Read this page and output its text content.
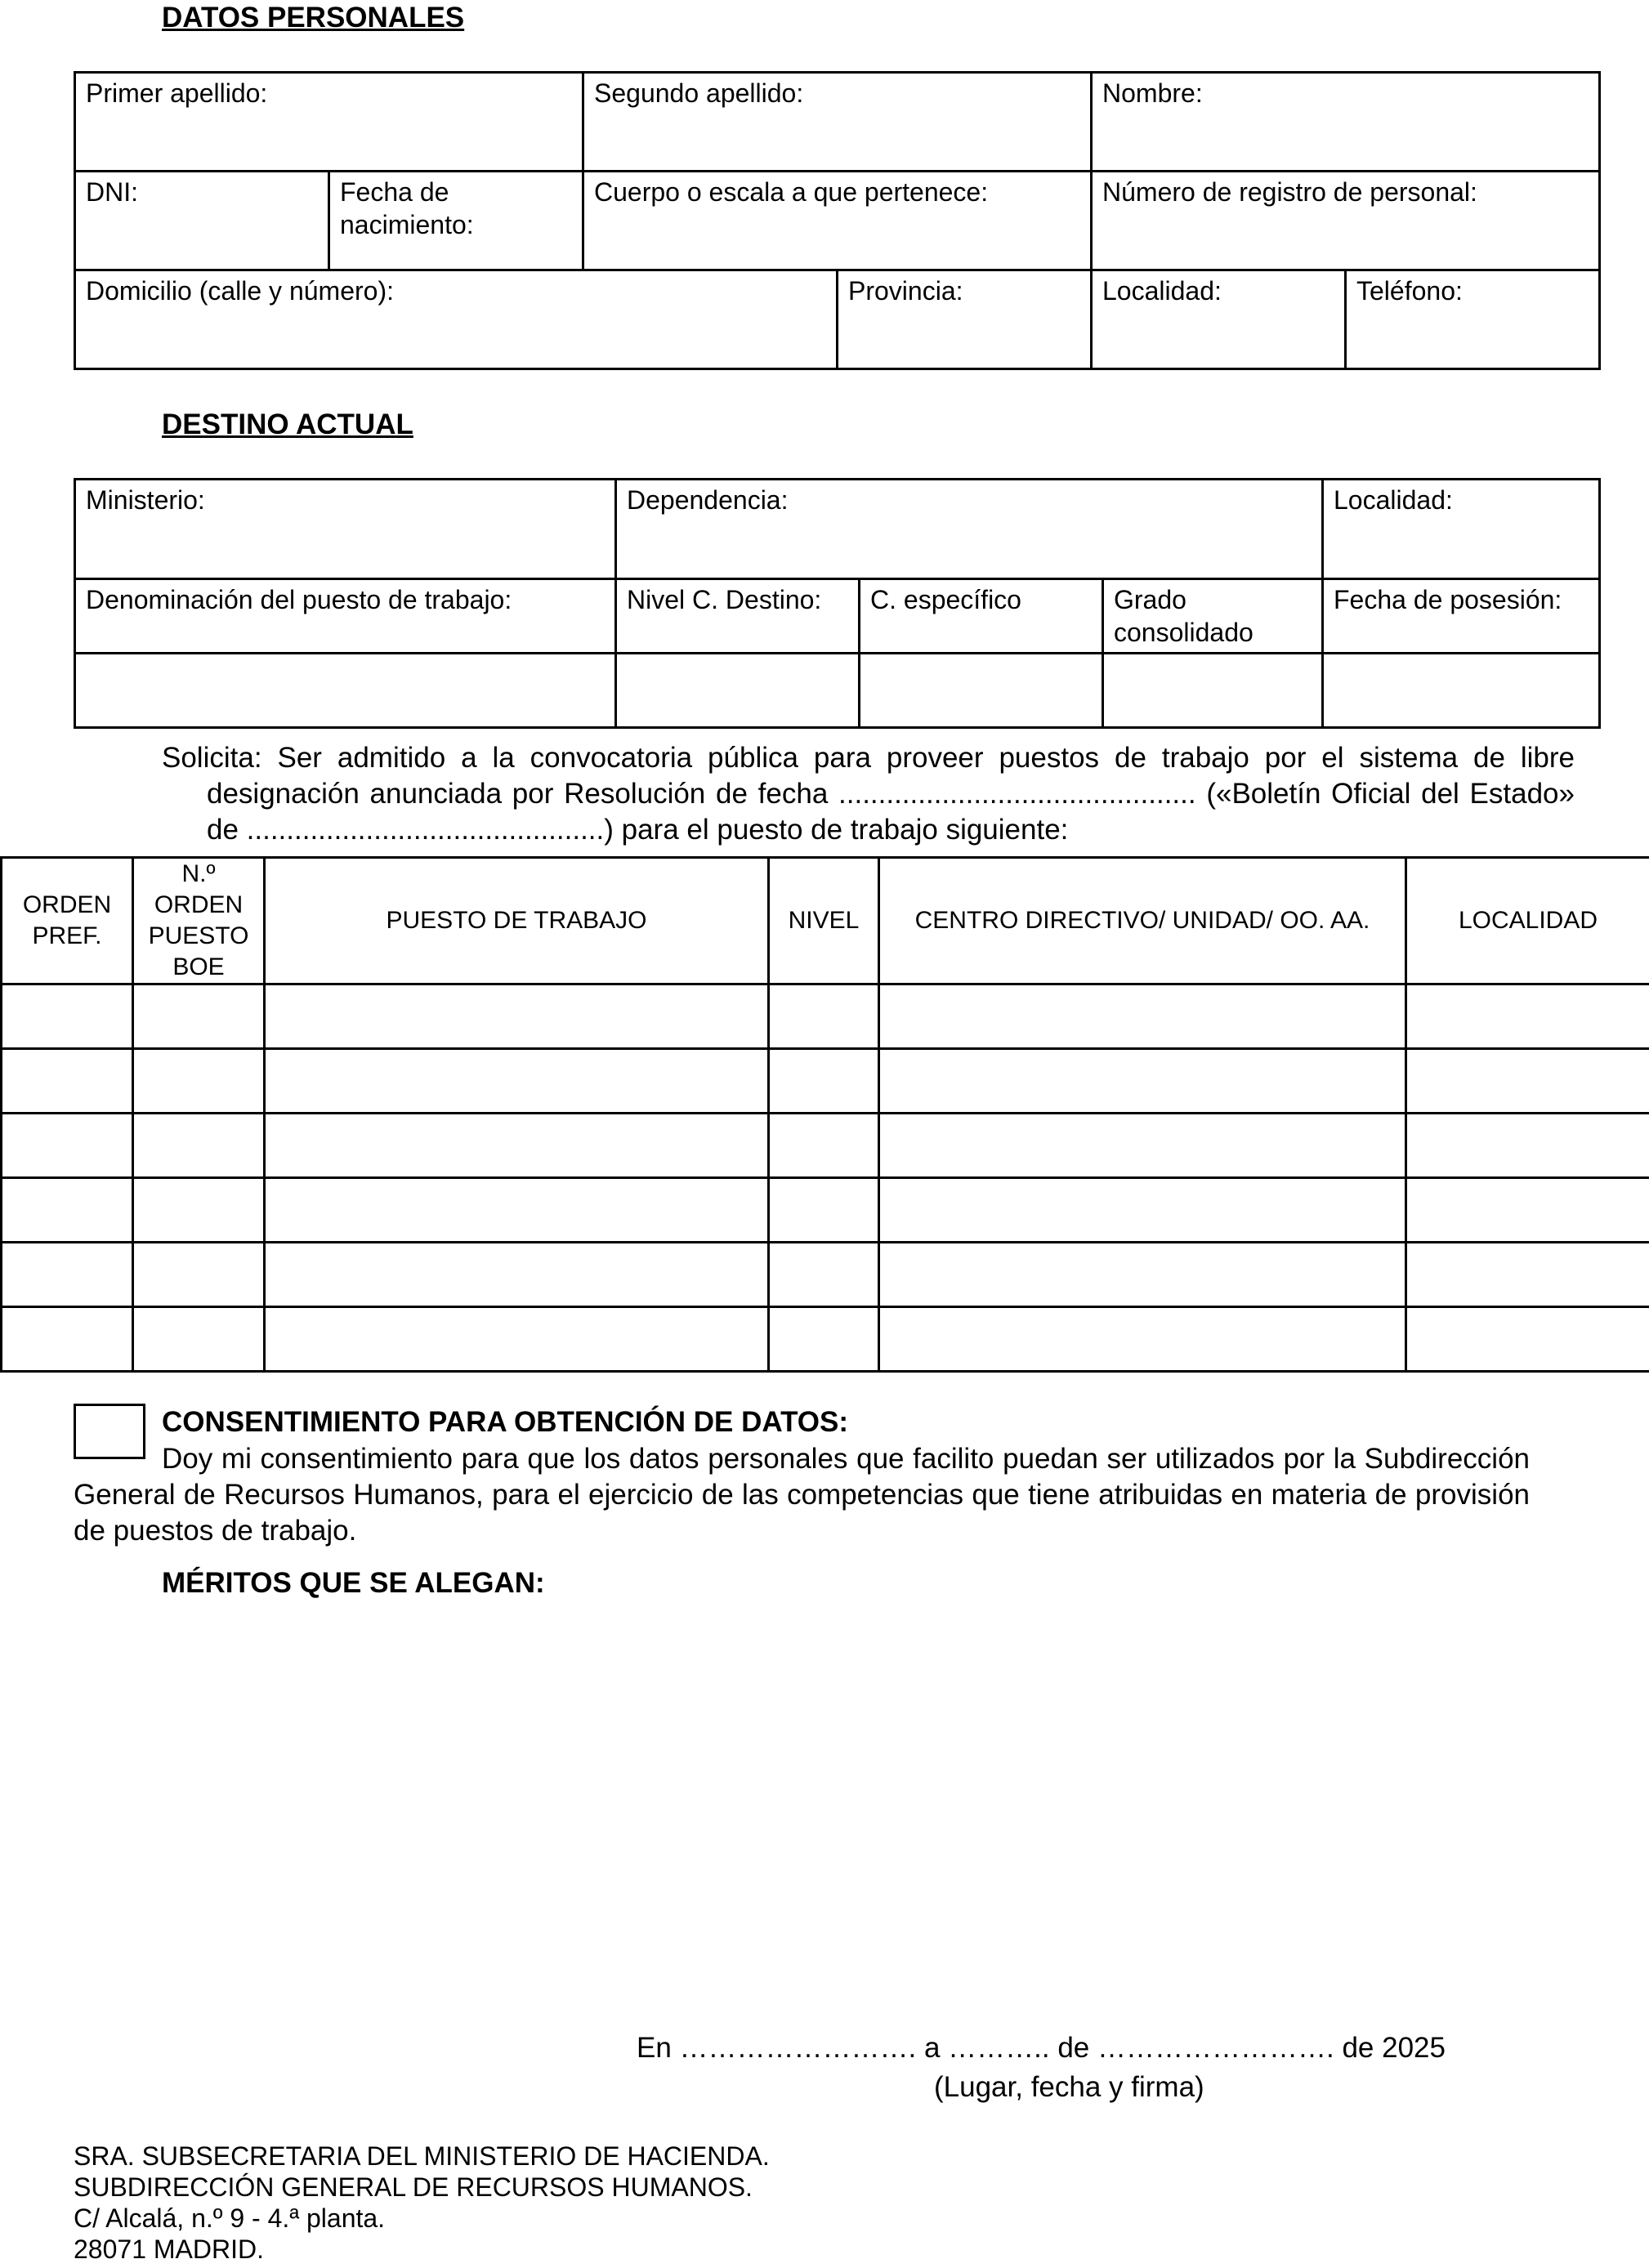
DATOS PERSONALES
Primer apellido:		Segundo apellido:		Nombre:	
DNI:	Fecha de nacimiento:	Cuerpo o escala a que pertenece:		Número de registro de personal:	
Domicilio (calle y número):			Provincia:	Localidad:	Teléfono:
DESTINO ACTUAL
Ministerio:	Dependencia:			Localidad:
Denominación del puesto de trabajo:	Nivel C. Destino:	C. específico	Grado consolidado	Fecha de posesión:

Solicita: Ser admitido a la convocatoria pública para proveer puestos de trabajo por el sistema de libre designación anunciada por Resolución de fecha ............................................. («Boletín Oficial del Estado» de .............................................) para el puesto de trabajo siguiente:
ORDEN PREF.	N.º ORDEN PUESTO BOE	PUESTO DE TRABAJO	NIVEL	CENTRO DIRECTIVO/ UNIDAD/ OO. AA.	LOCALIDAD

CONSENTIMIENTO PARA OBTENCIÓN DE DATOS:
Doy mi consentimiento para que los datos personales que facilito puedan ser utilizados por la Subdirección General de Recursos Humanos, para el ejercicio de las competencias que tiene atribuidas en materia de provisión de puestos de trabajo.
MÉRITOS QUE SE ALEGAN:
En ……………………. a ……….. de ……………………. de 2025
(Lugar, fecha y firma)
SRA. SUBSECRETARIA DEL MINISTERIO DE HACIENDA.
SUBDIRECCIÓN GENERAL DE RECURSOS HUMANOS.
C/ Alcalá, n.º 9 - 4.ª planta.
28071 MADRID.
